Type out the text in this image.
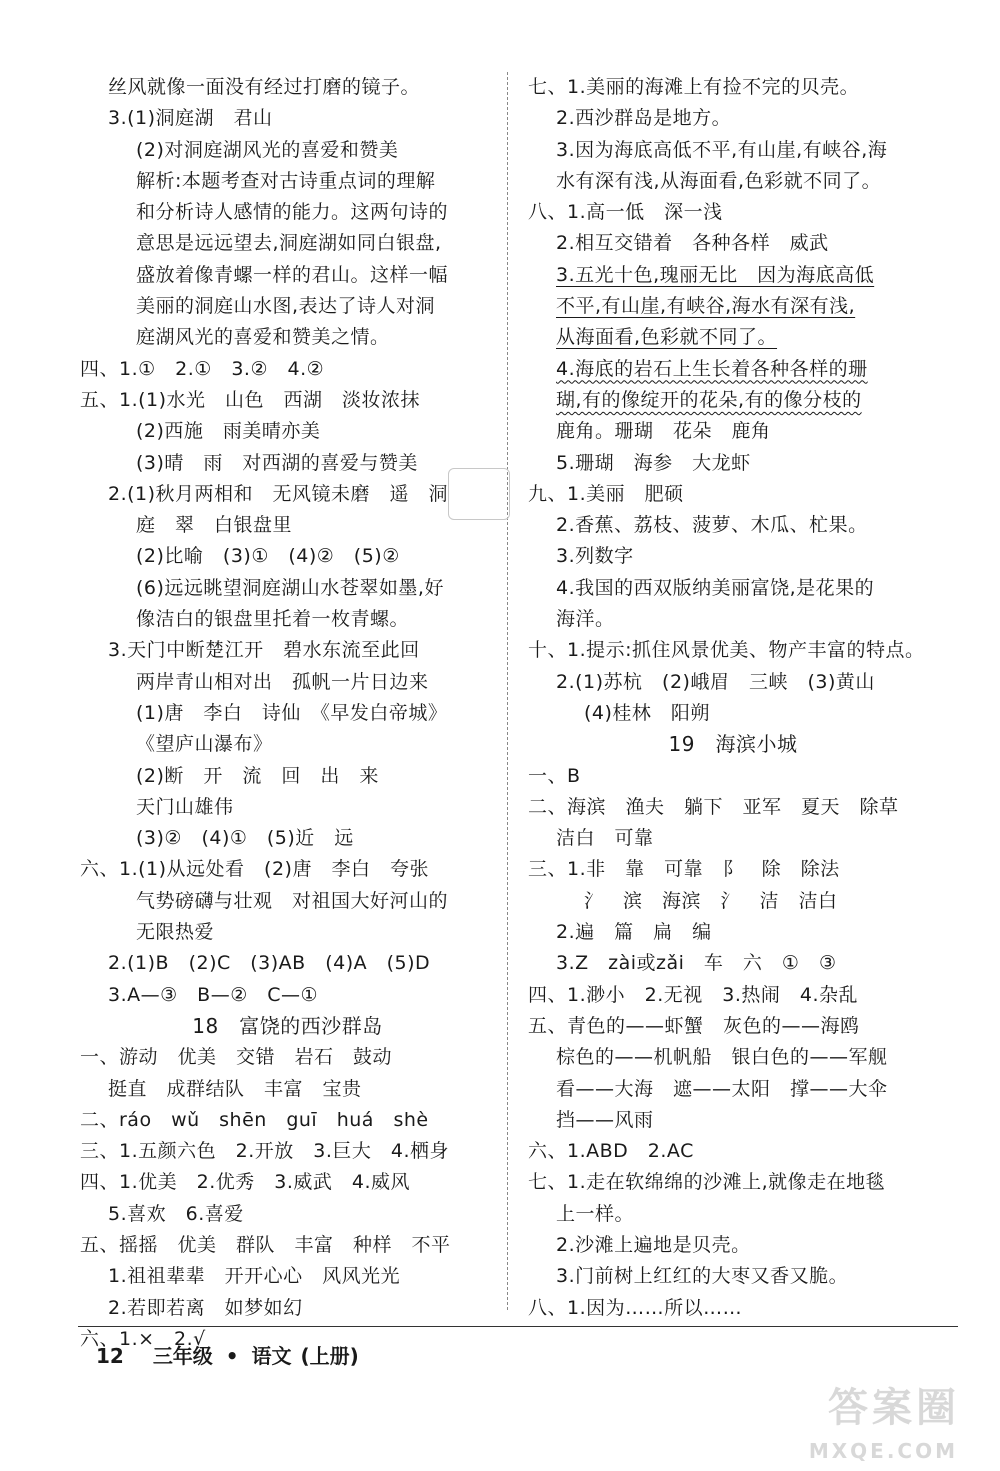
丝风就像一面没有经过打磨的镜子。
3.(1)洞庭湖　君山
(2)对洞庭湖风光的喜爱和赞美
解析:本题考查对古诗重点词的理解
和分析诗人感情的能力。这两句诗的
意思是远远望去,洞庭湖如同白银盘,
盛放着像青螺一样的君山。这样一幅
美丽的洞庭山水图,表达了诗人对洞
庭湖风光的喜爱和赞美之情。
四、1.①　2.①　3.②　4.②
五、1.(1)水光　山色　西湖　淡妆浓抹
(2)西施　雨美晴亦美
(3)晴　雨　对西湖的喜爱与赞美
2.(1)秋月两相和　无风镜未磨　遥　洞
庭　翠　白银盘里
(2)比喻　(3)①　(4)②　(5)②
(6)远远眺望洞庭湖山水苍翠如墨,好
像洁白的银盘里托着一枚青螺。
3.天门中断楚江开　碧水东流至此回
两岸青山相对出　孤帆一片日边来
(1)唐　李白　诗仙　《早发白帝城》
《望庐山瀑布》
(2)断　开　流　回　出　来
天门山雄伟
(3)②　(4)①　(5)近　远
六、1.(1)从远处看　(2)唐　李白　夸张
气势磅礴与壮观　对祖国大好河山的
无限热爱
2.(1)B　(2)C　(3)AB　(4)A　(5)D
3.A—③　B—②　C—①
18　富饶的西沙群岛
一、游动　优美　交错　岩石　鼓动
挺直　成群结队　丰富　宝贵
二、ráo　wǔ　shēn　guī　huá　shè
三、1.五颜六色　2.开放　3.巨大　4.栖身
四、1.优美　2.优秀　3.威武　4.威风
5.喜欢　6.喜爱
五、摇摇　优美　群队　丰富　种样　不平
1.祖祖辈辈　开开心心　风风光光
2.若即若离　如梦如幻
六、1.×　2.√
七、1.美丽的海滩上有捡不完的贝壳。
2.西沙群岛是地方。
3.因为海底高低不平,有山崖,有峡谷,海
水有深有浅,从海面看,色彩就不同了。
八、1.高一低　深一浅
2.相互交错着　各种各样　威武
3.五光十色,瑰丽无比　因为海底高低
不平,有山崖,有峡谷,海水有深有浅,
从海面看,色彩就不同了。
4.海底的岩石上生长着各种各样的珊
瑚,有的像绽开的花朵,有的像分枝的
鹿角。珊瑚　花朵　鹿角
5.珊瑚　海参　大龙虾
九、1.美丽　肥硕
2.香蕉、荔枝、菠萝、木瓜、杧果。
3.列数字
4.我国的西双版纳美丽富饶,是花果的
海洋。
十、1.提示:抓住风景优美、物产丰富的特点。
2.(1)苏杭　(2)峨眉　三峡　(3)黄山
(4)桂林　阳朔
19　海滨小城
一、B
二、海滨　渔夫　躺下　亚军　夏天　除草
洁白　可靠
三、1.非　靠　可靠　阝　除　除法
氵　滨　海滨　氵　洁　洁白
2.遍　篇　扁　编
3.Z　zài或zǎi　车　六　①　③
四、1.渺小　2.无视　3.热闹　4.杂乱
五、青色的——虾蟹　灰色的——海鸥
棕色的——机帆船　银白色的——军舰
看——大海　遮——太阳　撑——大伞
挡——风雨
六、1.ABD　2.AC
七、1.走在软绵绵的沙滩上,就像走在地毯
上一样。
2.沙滩上遍地是贝壳。
3.门前树上红红的大枣又香又脆。
八、1.因为……所以……
12 三年级 • 语文 (上册)
答案圈
MXQE.COM
